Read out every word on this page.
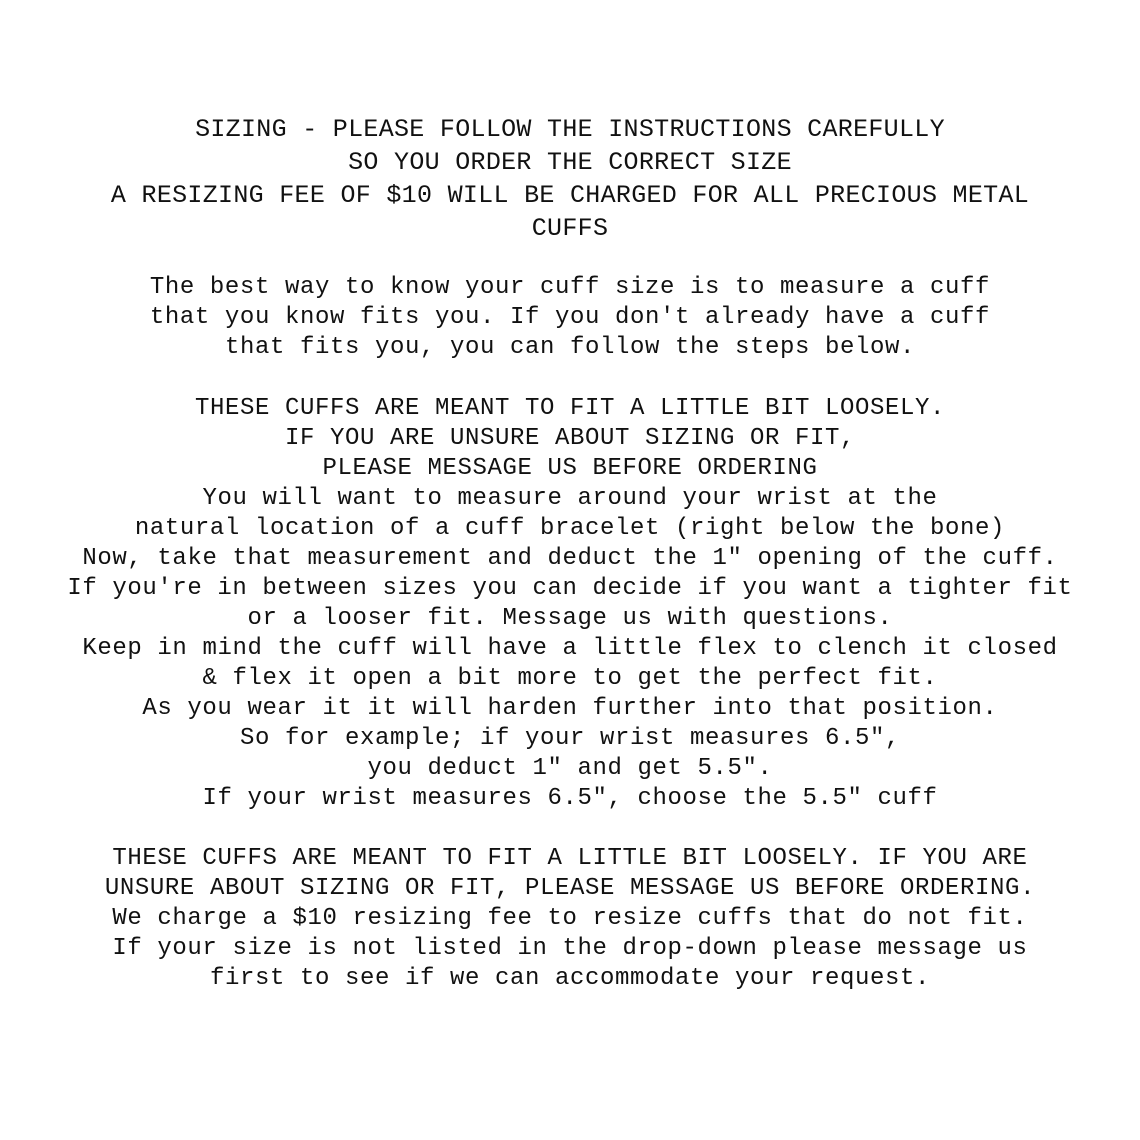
SIZING - PLEASE FOLLOW THE INSTRUCTIONS CAREFULLY
SO YOU ORDER THE CORRECT SIZE
A RESIZING FEE OF $10 WILL BE CHARGED FOR ALL PRECIOUS METAL
CUFFS
The best way to know your cuff size is to measure a cuff
that you know fits you. If you don't already have a cuff
that fits you, you can follow the steps below.
THESE CUFFS ARE MEANT TO FIT A LITTLE BIT LOOSELY.
IF YOU ARE UNSURE ABOUT SIZING OR FIT,
PLEASE MESSAGE US BEFORE ORDERING
You will want to measure around your wrist at the
natural location of a cuff bracelet (right below the bone)
Now, take that measurement and deduct the 1" opening of the cuff.
If you're in between sizes you can decide if you want a tighter fit
or a looser fit. Message us with questions.
Keep in mind the cuff will have a little flex to clench it closed
& flex it open a bit more to get the perfect fit.
As you wear it it will harden further into that position.
So for example; if your wrist measures 6.5",
you deduct 1" and get 5.5".
If your wrist measures 6.5", choose the 5.5" cuff
THESE CUFFS ARE MEANT TO FIT A LITTLE BIT LOOSELY. IF YOU ARE
UNSURE ABOUT SIZING OR FIT, PLEASE MESSAGE US BEFORE ORDERING.
We charge a $10 resizing fee to resize cuffs that do not fit.
If your size is not listed in the drop-down please message us
first to see if we can accommodate your request.
